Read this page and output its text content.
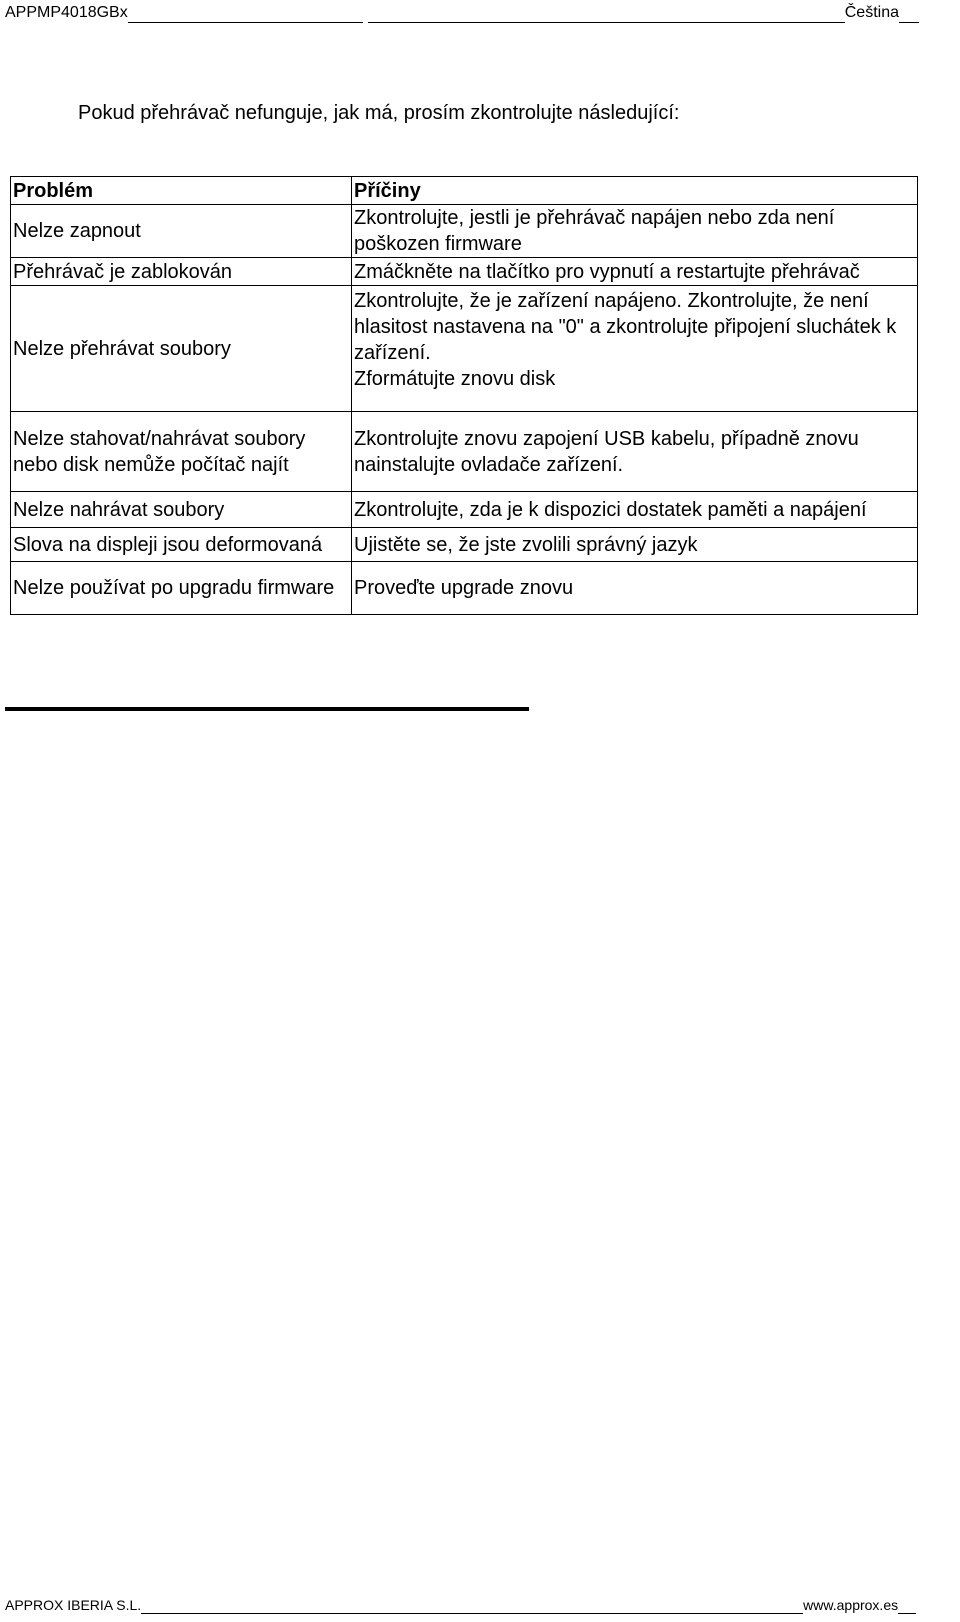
APPMP4018GBx	Čeština
Pokud přehrávač nefunguje, jak má, prosím zkontrolujte následující:
Problém	Příčiny
Nelze zapnout	Zkontrolujte, jestli je přehrávač napájen nebo zda není poškozen firmware

Přehrávač je zablokován	Zmáčkněte na tlačítko pro vypnutí a restartujte přehrávač

Nelze přehrávat soubory	Zkontrolujte, že je zařízení napájeno. Zkontrolujte, že není hlasitost nastavena na "0" a zkontrolujte připojení sluchátek k zařízení.
Zformátujte znovu disk

Nelze stahovat/nahrávat soubory nebo disk nemůže počítač najít	Zkontrolujte znovu zapojení USB kabelu, případně znovu nainstalujte ovladače zařízení.

Nelze nahrávat soubory	Zkontrolujte, zda je k dispozici dostatek paměti a napájení

Slova na displeji jsou deformovaná	Ujistěte se, že jste zvolili správný jazyk

Nelze používat po upgradu firmware	Proveďte upgrade znovu
APPROX IBERIA S.L.	www.approx.es
